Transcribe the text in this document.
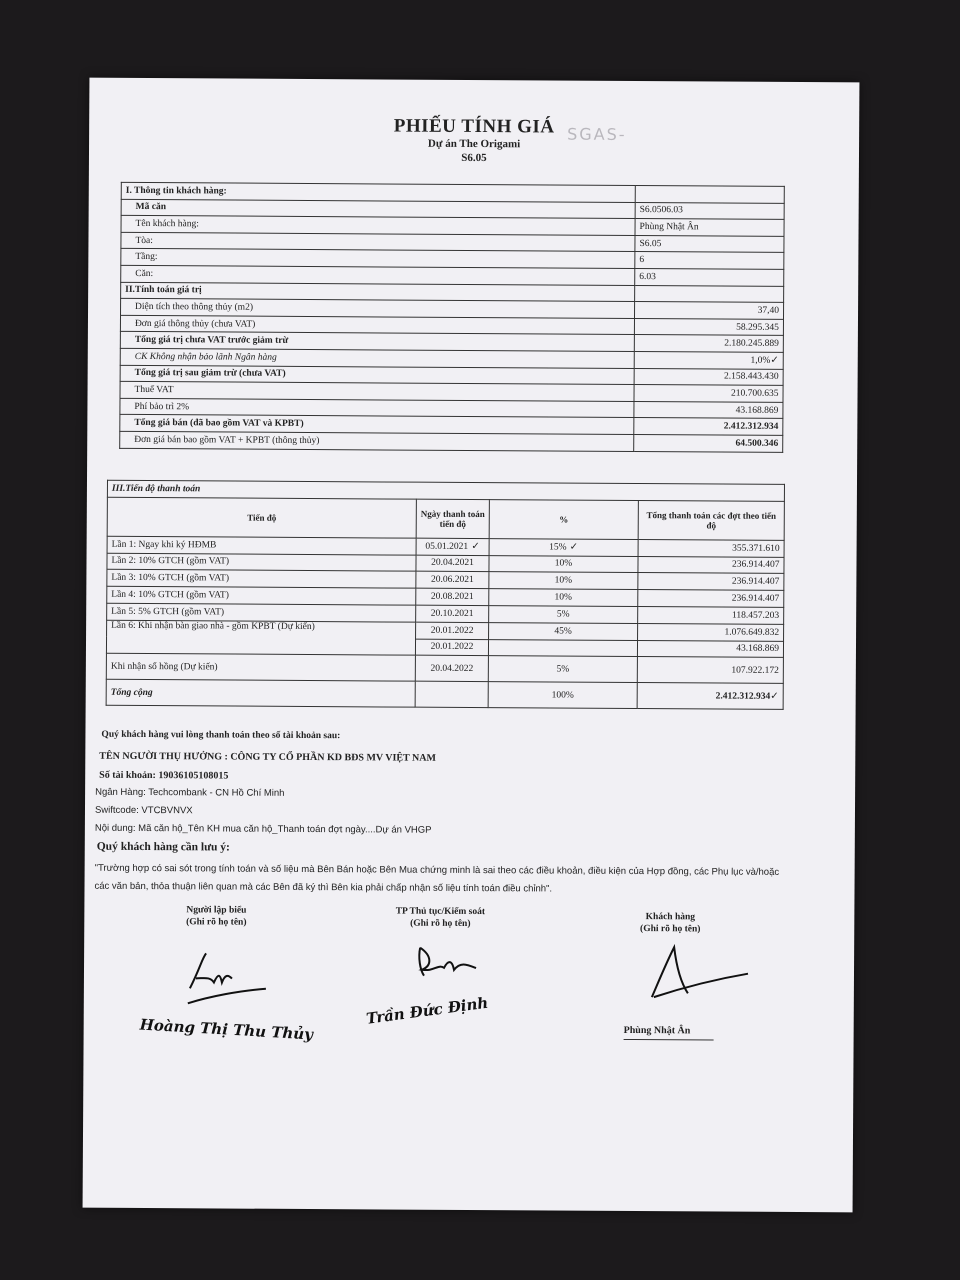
PHIẾU TÍNH GIÁ SGAS-
Dự án The Origami
S6.05
I. Thông tin khách hàng:	
Mã căn	S6.0506.03
Tên khách hàng:	Phùng Nhật Ân
Tòa:	S6.05
Tầng:	6
Căn:	6.03
II.Tính toán giá trị	
Diện tích theo thông thủy (m2)	37,40
Đơn giá thông thủy (chưa VAT)	58.295.345
Tổng giá trị chưa VAT trước giảm trừ	2.180.245.889
CK Không nhận bảo lãnh Ngân hàng	1,0%✓
Tổng giá trị sau giảm trừ (chưa VAT)	2.158.443.430
Thuế VAT	210.700.635
Phí bảo trì 2%	43.168.869
Tổng giá bán (đã bao gồm VAT và KPBT)	2.412.312.934
Đơn giá bán bao gồm VAT + KPBT (thông thủy)	64.500.346
III.Tiến độ thanh toán			
Tiến độ	Ngày thanh toán tiến độ	%	Tổng thanh toán các đợt theo tiến độ
Lần 1: Ngay khi ký HĐMB	05.01.2021 ✓	15% ✓	355.371.610
Lần 2: 10% GTCH (gồm VAT)	20.04.2021	10%	236.914.407
Lần 3: 10% GTCH (gồm VAT)	20.06.2021	10%	236.914.407
Lần 4: 10% GTCH (gồm VAT)	20.08.2021	10%	236.914.407
Lần 5: 5% GTCH (gồm VAT)	20.10.2021	5%	118.457.203
Lần 6: Khi nhận bàn giao nhà - gồm KPBT (Dự kiến)	20.01.2022	45%	1.076.649.832
	20.01.2022		43.168.869
Khi nhận sổ hồng (Dự kiến)	20.04.2022	5%	107.922.172
Tổng cộng		100%	2.412.312.934✓
Quý khách hàng vui lòng thanh toán theo số tài khoản sau:
TÊN NGƯỜI THỤ HƯỞNG : CÔNG TY CỔ PHẦN KD BĐS MV VIỆT NAM
Số tài khoản: 19036105108015
Ngân Hàng: Techcombank - CN Hồ Chí Minh
Swiftcode: VTCBVNVX
Nội dung: Mã căn hộ_Tên KH mua căn hộ_Thanh toán đợt ngày....Dự án VHGP
Quý khách hàng cần lưu ý:
"Trường hợp có sai sót trong tính toán và số liệu mà Bên Bán hoặc Bên Mua chứng minh là sai theo các điều khoản, điều kiện của Hợp đồng, các Phụ lục và/hoặc các văn bản, thỏa thuận liên quan mà các Bên đã ký thì Bên kia phải chấp nhận số liệu tính toán điều chỉnh".
Người lập biểu
(Ghi rõ họ tên)
TP Thủ tục/Kiểm soát
(Ghi rõ họ tên)
Khách hàng
(Ghi rõ họ tên)
Hoàng Thị Thu Thủy
Trần Đức Định
Phùng Nhật Ân
